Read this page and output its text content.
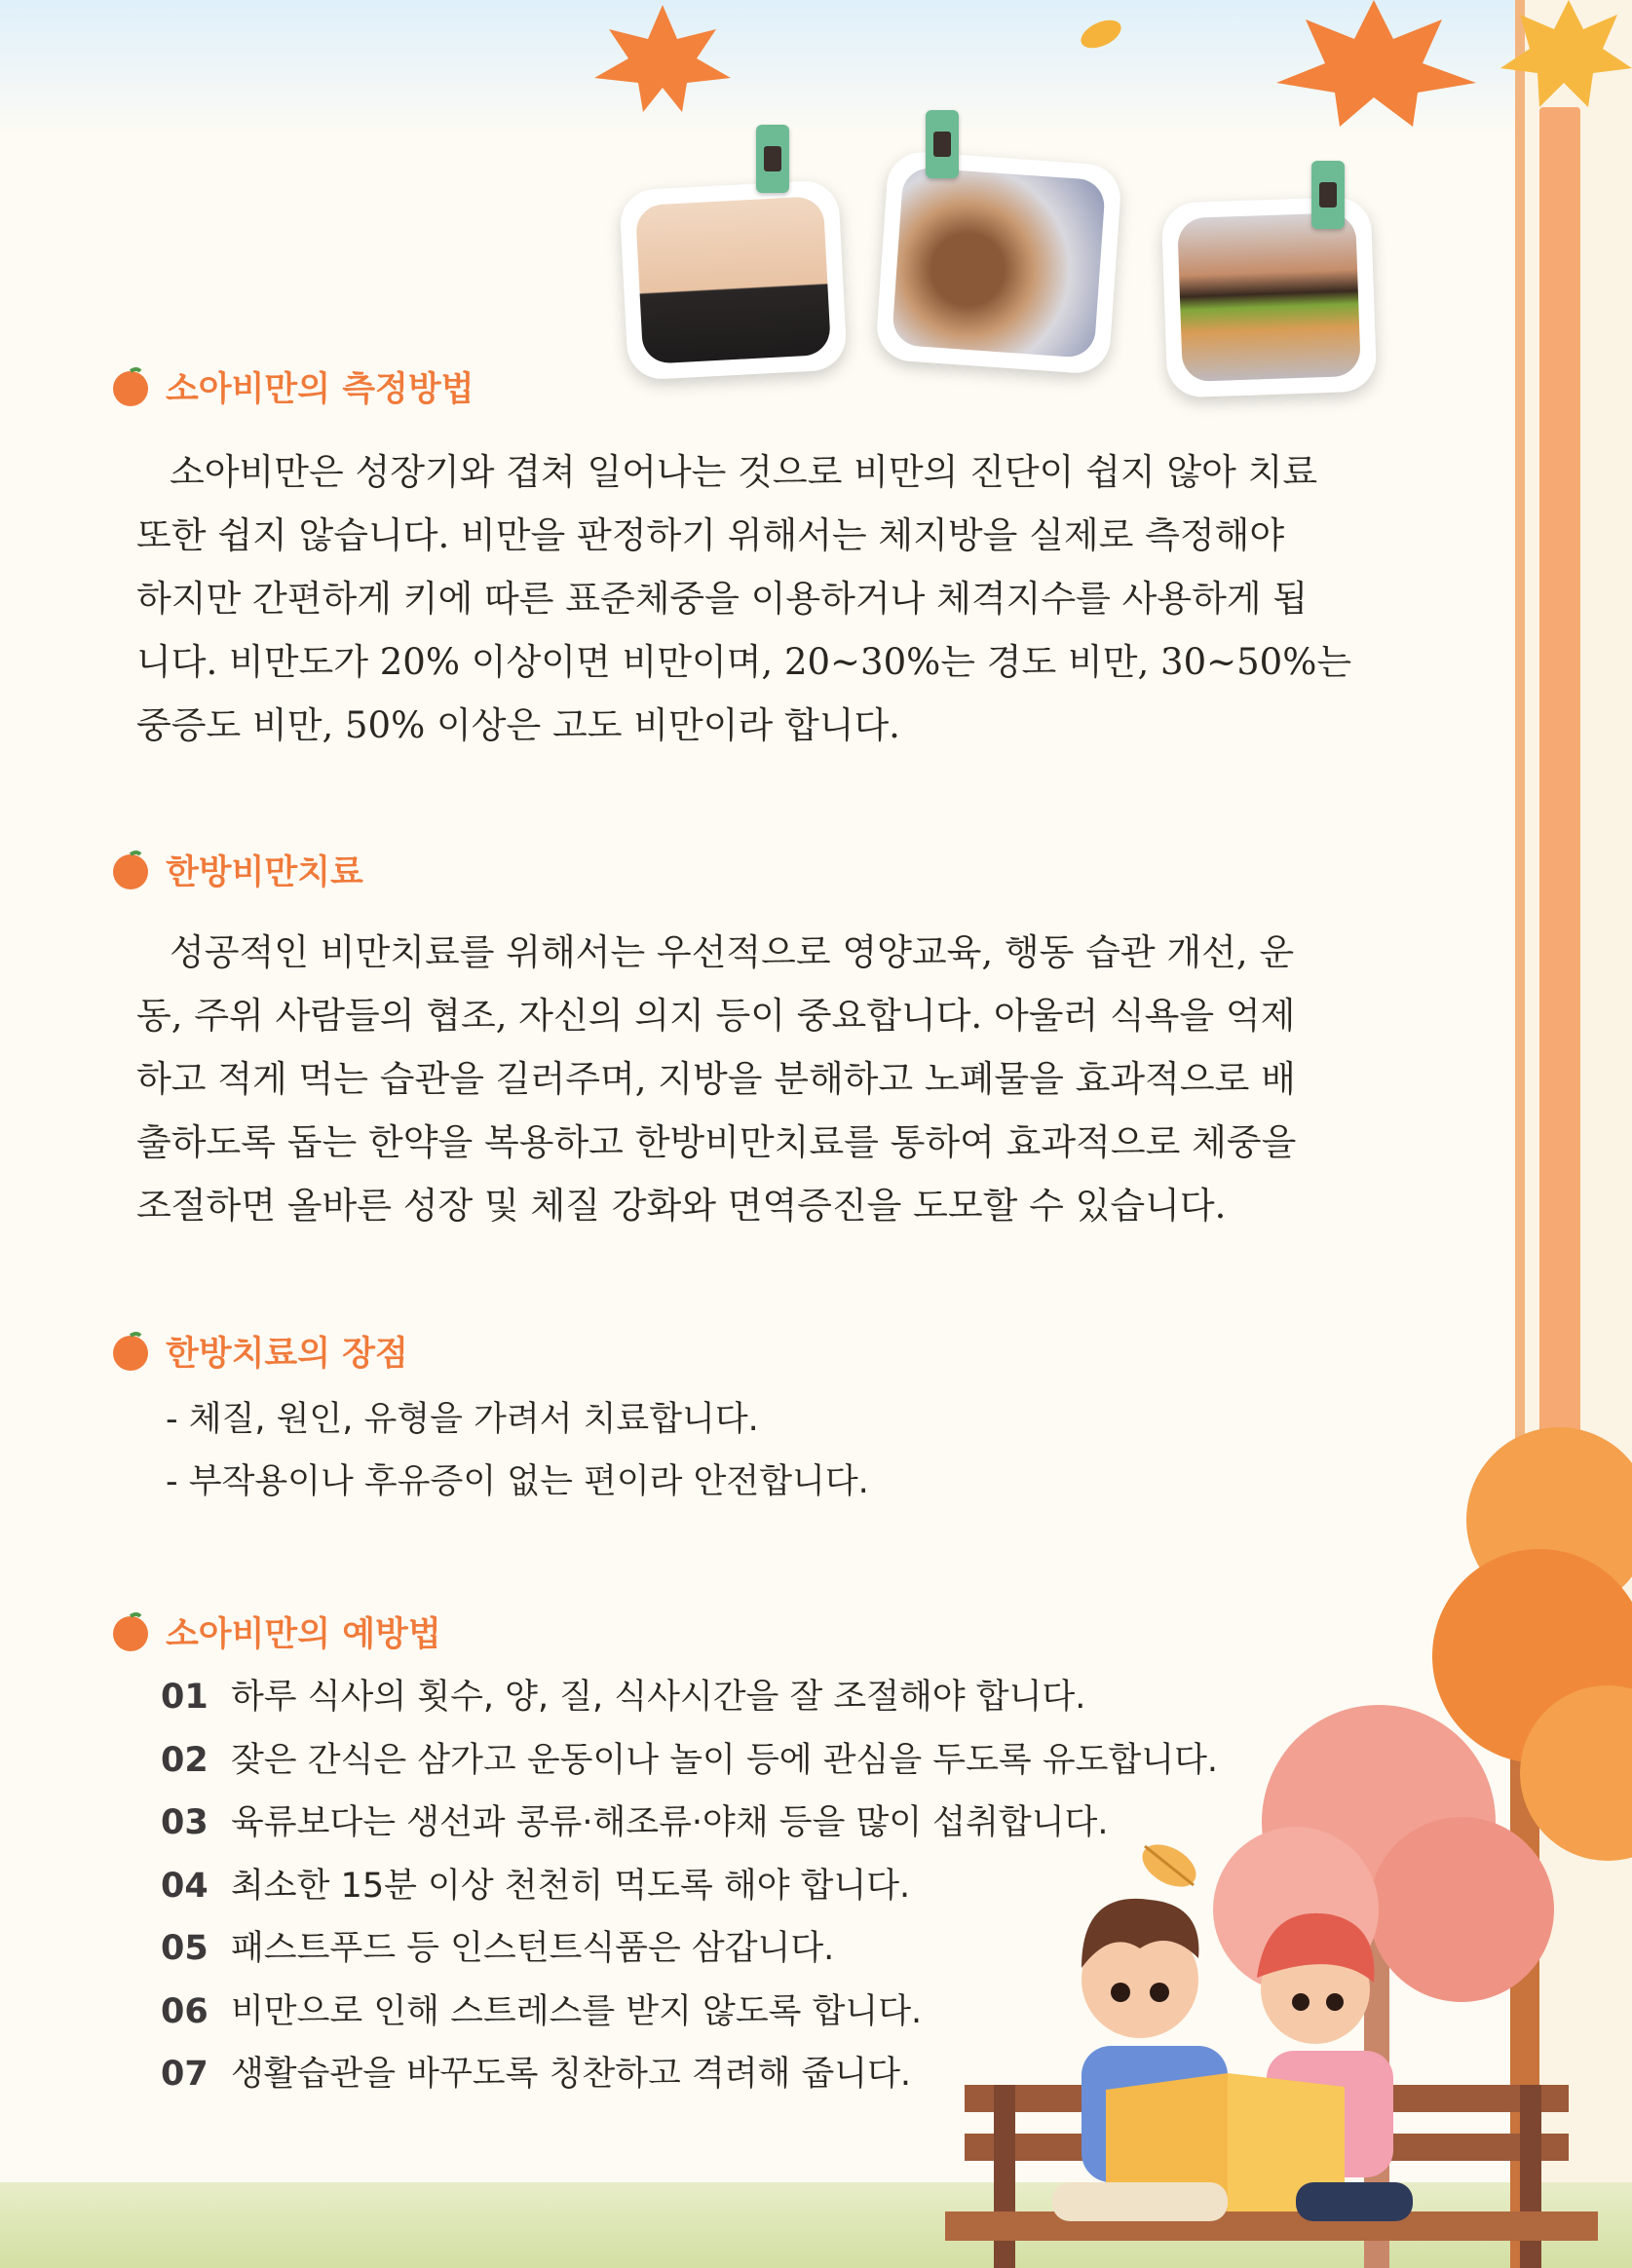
소아비만의 측정방법

소아비만은 성장기와 겹쳐 일어나는 것으로 비만의 진단이 쉽지 않아 치료
또한 쉽지 않습니다. 비만을 판정하기 위해서는 체지방을 실제로 측정해야
하지만 간편하게 키에 따른 표준체중을 이용하거나 체격지수를 사용하게 됩
니다. 비만도가 20% 이상이면 비만이며, 20~30%는 경도 비만, 30~50%는
중증도 비만, 50% 이상은 고도 비만이라 합니다.

한방비만치료

성공적인 비만치료를 위해서는 우선적으로 영양교육, 행동 습관 개선, 운
동, 주위 사람들의 협조, 자신의 의지 등이 중요합니다. 아울러 식욕을 억제
하고 적게 먹는 습관을 길러주며, 지방을 분해하고 노폐물을 효과적으로 배
출하도록 돕는 한약을 복용하고 한방비만치료를 통하여 효과적으로 체중을
조절하면 올바른 성장 및 체질 강화와 면역증진을 도모할 수 있습니다.

한방치료의 장점
- 체질, 원인, 유형을 가려서 치료합니다.
- 부작용이나 후유증이 없는 편이라 안전합니다.
소아비만의 예방법
01 하루 식사의 횟수, 양, 질, 식사시간을 잘 조절해야 합니다.
02 잦은 간식은 삼가고 운동이나 놀이 등에 관심을 두도록 유도합니다.
03 육류보다는 생선과 콩류·해조류·야채 등을 많이 섭취합니다.
04 최소한 15분 이상 천천히 먹도록 해야 합니다.
05 패스트푸드 등 인스턴트식품은 삼갑니다.
06 비만으로 인해 스트레스를 받지 않도록 합니다.
07 생활습관을 바꾸도록 칭찬하고 격려해 줍니다.
